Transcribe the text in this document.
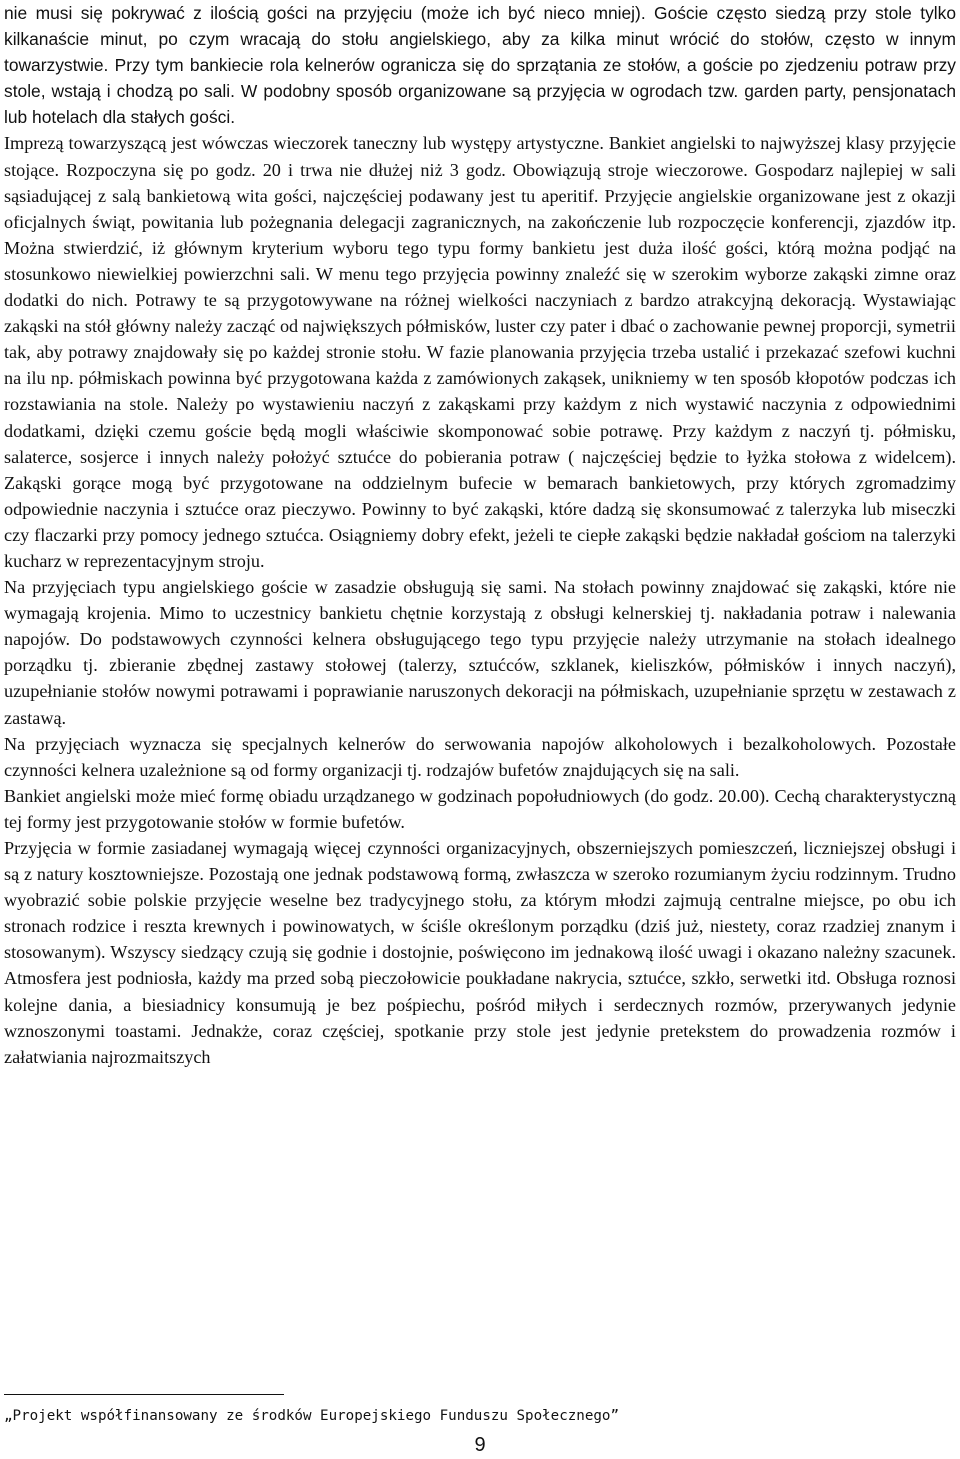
nie musi się pokrywać z ilością gości na przyjęciu (może ich być nieco mniej). Goście często siedzą przy stole tylko kilkanaście minut, po czym wracają do stołu angielskiego, aby za kilka minut wrócić do stołów, często w innym towarzystwie. Przy tym bankiecie rola kelnerów ogranicza się do sprzątania ze stołów, a goście po zjedzeniu potraw przy stole, wstają i chodzą po sali. W podobny sposób organizowane są przyjęcia w ogrodach tzw. garden party, pensjonatach lub hotelach dla stałych gości.

Imprezą towarzyszącą jest wówczas wieczorek taneczny lub występy artystyczne. Bankiet angielski to najwyższej klasy przyjęcie stojące. Rozpoczyna się po godz. 20 i trwa nie dłużej niż 3 godz. Obowiązują stroje wieczorowe. Gospodarz najlepiej w sali sąsiadującej z salą bankietową wita gości, najczęściej podawany jest tu aperitif. Przyjęcie angielskie organizowane jest z okazji oficjalnych świąt, powitania lub pożegnania delegacji zagranicznych, na zakończenie lub rozpoczęcie konferencji, zjazdów itp. Można stwierdzić, iż głównym kryterium wyboru tego typu formy bankietu jest duża ilość gości, którą można podjąć na stosunkowo niewielkiej powierzchni sali. W menu tego przyjęcia powinny znaleźć się w szerokim wyborze zakąski zimne oraz dodatki do nich. Potrawy te są przygotowywane na różnej wielkości naczyniach z bardzo atrakcyjną dekoracją. Wystawiając zakąski na stół główny należy zacząć od największych półmisków, luster czy pater i dbać o zachowanie pewnej proporcji, symetrii tak, aby potrawy znajdowały się po każdej stronie stołu. W fazie planowania przyjęcia trzeba ustalić i przekazać szefowi kuchni na ilu np. półmiskach powinna być przygotowana każda z zamówionych zakąsek, unikniemy w ten sposób kłopotów podczas ich rozstawiania na stole. Należy po wystawieniu naczyń z zakąskami przy każdym z nich wystawić naczynia z odpowiednimi dodatkami, dzięki czemu goście będą mogli właściwie skomponować sobie potrawę. Przy każdym z naczyń tj. półmisku, salaterce, sosjerce i innych należy położyć sztućce do pobierania potraw ( najczęściej będzie to łyżka stołowa z widelcem). Zakąski gorące mogą być przygotowane na oddzielnym bufecie w bemarach bankietowych, przy których zgromadzimy odpowiednie naczynia i sztućce oraz pieczywo. Powinny to być zakąski, które dadzą się skonsumować z talerzyka lub miseczki czy flaczarki przy pomocy jednego sztućca. Osiągniemy dobry efekt, jeżeli te ciepłe zakąski będzie nakładał gościom na talerzyki kucharz w reprezentacyjnym stroju.

Na przyjęciach typu angielskiego goście w zasadzie obsługują się sami. Na stołach powinny znajdować się zakąski, które nie wymagają krojenia. Mimo to uczestnicy bankietu chętnie korzystają z obsługi kelnerskiej tj. nakładania potraw i nalewania napojów. Do podstawowych czynności kelnera obsługującego tego typu przyjęcie należy utrzymanie na stołach idealnego porządku tj. zbieranie zbędnej zastawy stołowej (talerzy, sztućców, szklanek, kieliszków, półmisków i innych naczyń), uzupełnianie stołów nowymi potrawami i poprawianie naruszonych dekoracji na półmiskach, uzupełnianie sprzętu w zestawach z zastawą.

Na przyjęciach wyznacza się specjalnych kelnerów do serwowania napojów alkoholowych i bezalkoholowych. Pozostałe czynności kelnera uzależnione są od formy organizacji tj. rodzajów bufetów znajdujących się na sali.

Bankiet angielski może mieć formę obiadu urządzanego w godzinach popołudniowych (do godz. 20.00). Cechą charakterystyczną tej formy jest przygotowanie stołów w formie bufetów.

Przyjęcia w formie zasiadanej wymagają więcej czynności organizacyjnych, obszerniejszych pomieszczeń, liczniejszej obsługi i są z natury kosztowniejsze. Pozostają one jednak podstawową formą, zwłaszcza w szeroko rozumianym życiu rodzinnym. Trudno wyobrazić sobie polskie przyjęcie weselne bez tradycyjnego stołu, za którym młodzi zajmują centralne miejsce, po obu ich stronach rodzice i reszta krewnych i powinowatych, w ściśle określonym porządku (dziś już, niestety, coraz rzadziej znanym i stosowanym). Wszyscy siedzący czują się godnie i dostojnie, poświęcono im jednakową ilość uwagi i okazano należny szacunek. Atmosfera jest podniosła, każdy ma przed sobą pieczołowicie poukładane nakrycia, sztućce, szkło, serwetki itd. Obsługa roznosi kolejne dania, a biesiadnicy konsumują je bez pośpiechu, pośród miłych i serdecznych rozmów, przerywanych jedynie wznoszonymi toastami. Jednakże, coraz częściej, spotkanie przy stole jest jedynie pretekstem do prowadzenia rozmów i załatwiania najrozmaitszych

„Projekt współfinansowany ze środków Europejskiego Funduszu Społecznego”
9
